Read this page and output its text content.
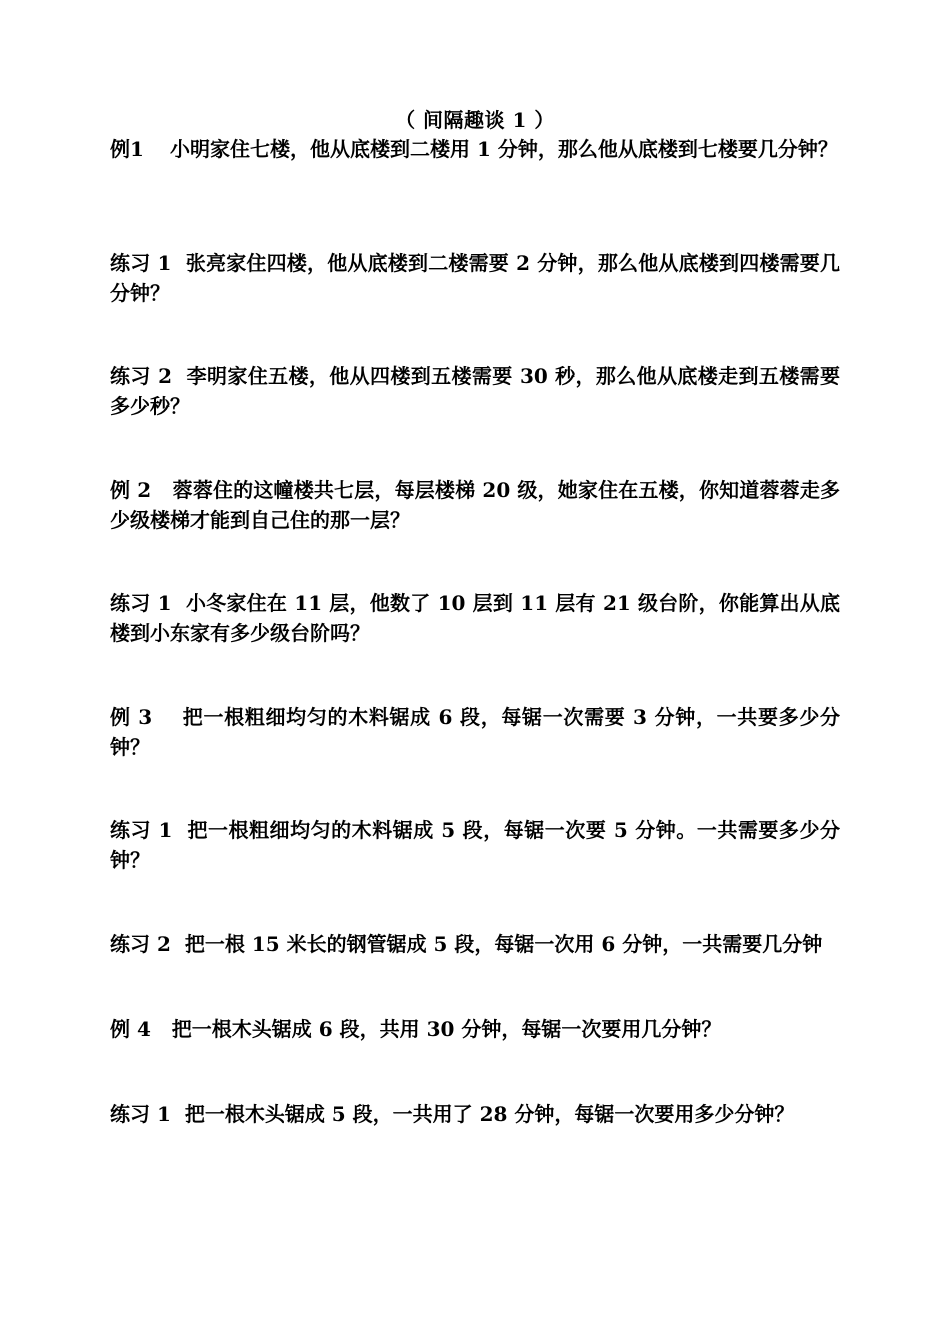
（ 间隔趣谈 1 ）
例1	小明家住七楼，他从底楼到二楼用 1 分钟，那么他从底楼到七楼要几分钟？
练习 1 张亮家住四楼，他从底楼到二楼需要 2 分钟，那么他从底楼到四楼需要几分钟？
练习 2 李明家住五楼，他从四楼到五楼需要 30 秒，那么他从底楼走到五楼需要多少秒？
例 2 蓉蓉住的这幢楼共七层，每层楼梯 20 级，她家住在五楼，你知道蓉蓉走多少级楼梯才能到自己住的那一层？
练习 1 小冬家住在 11 层，他数了 10 层到 11 层有 21 级台阶，你能算出从底楼到小东家有多少级台阶吗？
例 3 把一根粗细均匀的木料锯成 6 段，每锯一次需要 3 分钟，一共要多少分钟？
练习 1 把一根粗细均匀的木料锯成 5 段，每锯一次要 5 分钟。一共需要多少分钟？
练习 2 把一根 15 米长的钢管锯成 5 段，每锯一次用 6 分钟，一共需要几分钟
例 4 把一根木头锯成 6 段，共用 30 分钟，每锯一次要用几分钟？
练习 1 把一根木头锯成 5 段，一共用了 28 分钟，每锯一次要用多少分钟？
